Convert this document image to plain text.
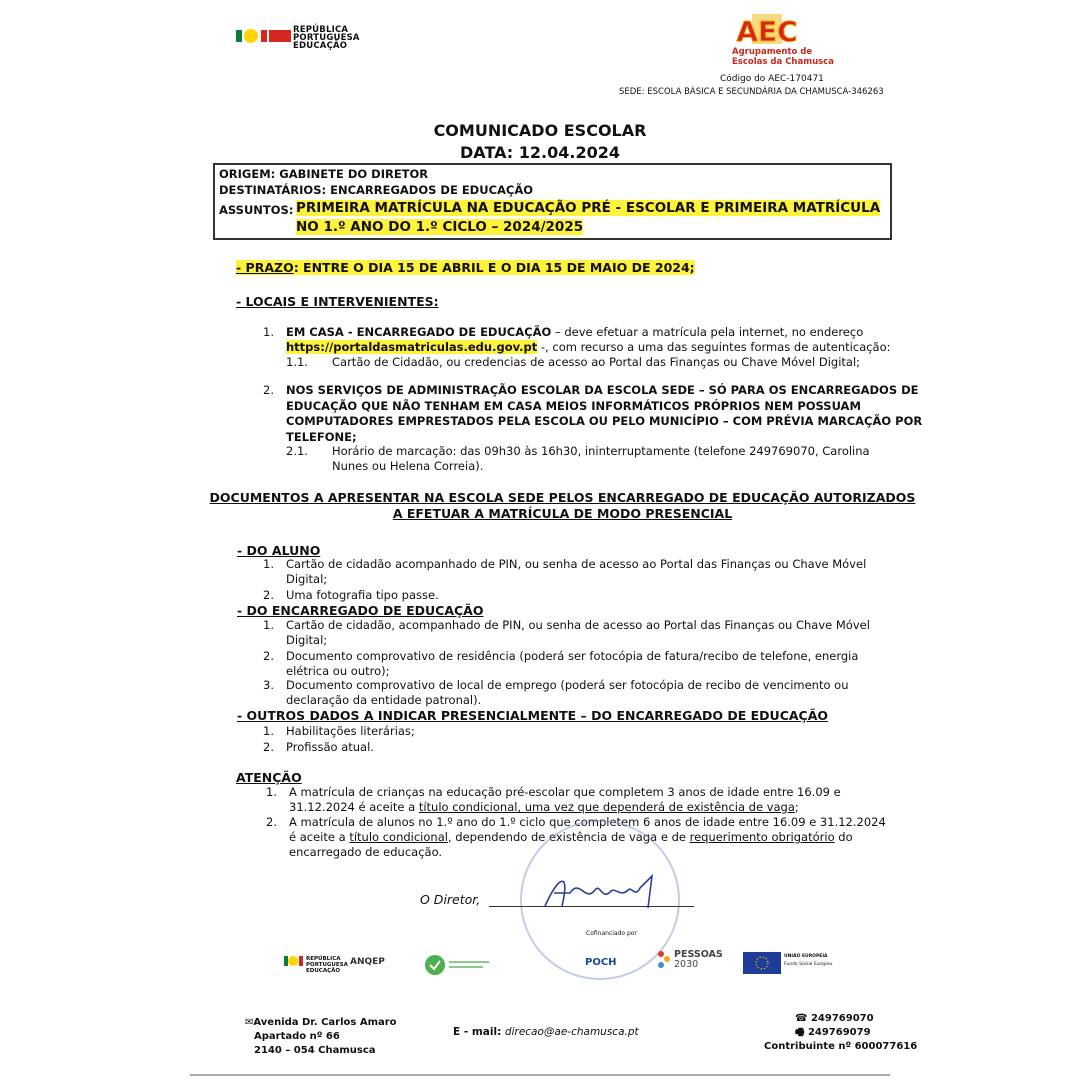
REPÚBLICA
PORTUGUESA
EDUCAÇÃO	AEC
Agrupamento de
Escolas da Chamusca
Código do AEC-170471
SEDE: ESCOLA BÁSICA E SECUNDÁRIA DA CHAMUSCA-346263
COMUNICADO ESCOLAR
DATA: 12.04.2024
ORIGEM: GABINETE DO DIRETOR
DESTINATÁRIOS: ENCARREGADOS DE EDUCAÇÃO
ASSUNTOS: PRIMEIRA MATRÍCULA NA EDUCAÇÃO PRÉ - ESCOLAR E PRIMEIRA MATRÍCULA
NO 1.º ANO DO 1.º CICLO – 2024/2025
- PRAZO: ENTRE O DIA 15 DE ABRIL E O DIA 15 DE MAIO DE 2024;
- LOCAIS E INTERVENIENTES:
1. EM CASA - ENCARREGADO DE EDUCAÇÃO – deve efetuar a matrícula pela internet, no endereço
https://portaldasmatriculas.edu.gov.pt -, com recurso a uma das seguintes formas de autenticação:
1.1. Cartão de Cidadão, ou credencias de acesso ao Portal das Finanças ou Chave Móvel Digital;
2. NOS SERVIÇOS DE ADMINISTRAÇÃO ESCOLAR DA ESCOLA SEDE – SÓ PARA OS ENCARREGADOS DE
EDUCAÇÃO QUE NÃO TENHAM EM CASA MEIOS INFORMÁTICOS PRÓPRIOS NEM POSSUAM
COMPUTADORES EMPRESTADOS PELA ESCOLA OU PELO MUNICÍPIO – COM PRÉVIA MARCAÇÃO POR
TELEFONE;
2.1. Horário de marcação: das 09h30 às 16h30, ininterruptamente (telefone 249769070, Carolina
Nunes ou Helena Correia).
DOCUMENTOS A APRESENTAR NA ESCOLA SEDE PELOS ENCARREGADO DE EDUCAÇÃO AUTORIZADOS
A EFETUAR A MATRÍCULA DE MODO PRESENCIAL
- DO ALUNO
1. Cartão de cidadão acompanhado de PIN, ou senha de acesso ao Portal das Finanças ou Chave Móvel
Digital;
2. Uma fotografia tipo passe.
- DO ENCARREGADO DE EDUCAÇÃO
1. Cartão de cidadão, acompanhado de PIN, ou senha de acesso ao Portal das Finanças ou Chave Móvel
Digital;
2. Documento comprovativo de residência (poderá ser fotocópia de fatura/recibo de telefone, energia
elétrica ou outro);
3. Documento comprovativo de local de emprego (poderá ser fotocópia de recibo de vencimento ou
declaração da entidade patronal).
- OUTROS DADOS A INDICAR PRESENCIALMENTE – DO ENCARREGADO DE EDUCAÇÃO
1. Habilitações literárias;
2. Profissão atual.
ATENÇÃO
1. A matrícula de crianças na educação pré-escolar que completem 3 anos de idade entre 16.09 e
31.12.2024 é aceite a título condicional, uma vez que dependerá de existência de vaga;
2. A matrícula de alunos no 1.º ano do 1.º ciclo que completem 6 anos de idade entre 16.09 e 31.12.2024
é aceite a título condicional, dependendo de existência de vaga e de requerimento obrigatório do
encarregado de educação.
O Diretor,
Cofinanciado por
REPÚBLICA
PORTUGUESA
EDUCAÇÃO
ANQEP	POCH
PESSOAS
2030
UNIÃO EUROPEIA
Fundo Social Europeu
✉Avenida Dr. Carlos Amaro
Apartado nº 66
2140 – 054 Chamusca
E - mail: direcao@ae-chamusca.pt
☎ 249769070
🖷 249769079
Contribuinte nº 600077616
